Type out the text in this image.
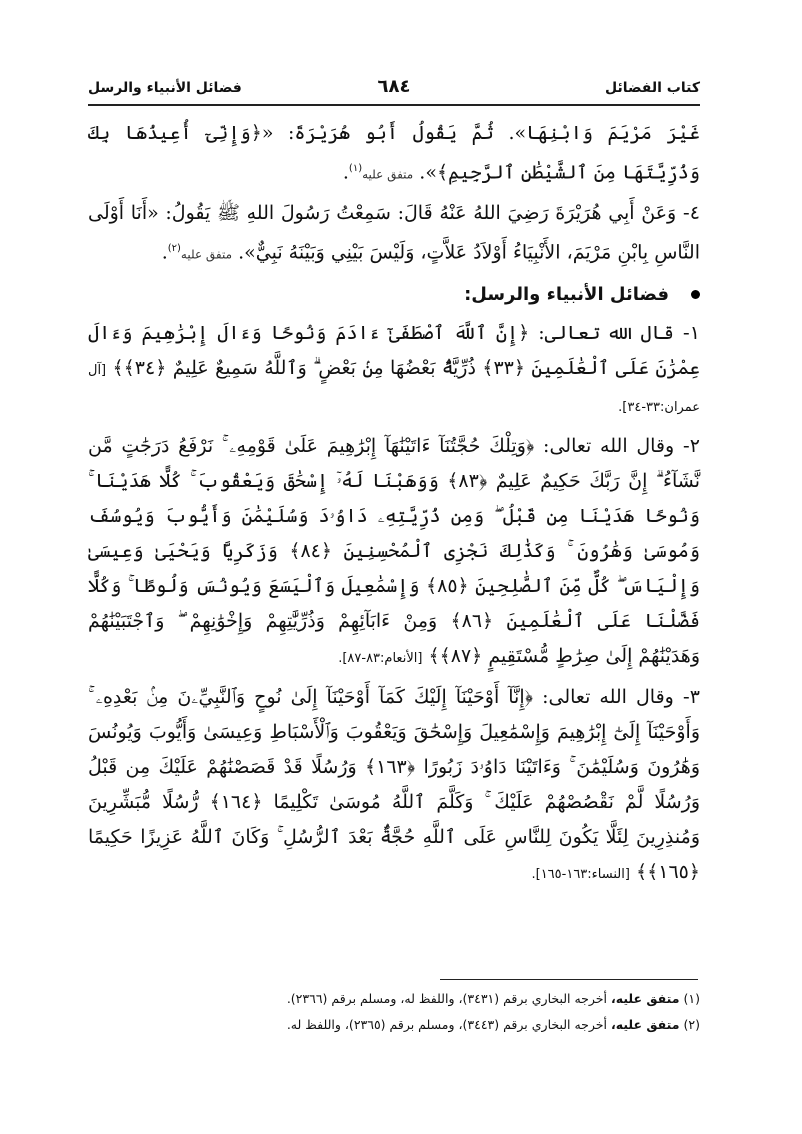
كتاب الفضائل
٦٨٤
فضائل الأنبياء والرسل

غَيْرَ مَرْيَمَ وَابْنِهَا». ثُمَّ يَقُولُ أَبُو هُرَيْرَةَ: «﴿وَإِنِّىٓ أُعِيذُهَا بِكَ وَذُرِّيَّتَهَا مِنَ ٱلشَّيْطَٰنِ ٱلرَّجِيمِ﴾». متفق عليه$^{(١)}$.

٤- وَعَنْ أَبِي هُرَيْرَةَ رَضِيَ اللهُ عَنْهُ قَالَ: سَمِعْتُ رَسُولَ اللهِ ﷺ يَقُولُ: «أَنَا أَوْلَى النَّاسِ بِابْنِ مَرْيَمَ، الأَنْبِيَاءُ أَوْلاَدُ عَلاَّتٍ، وَلَيْسَ بَيْنِي وَبَيْنَهُ نَبِيٌّ». متفق عليه$^{(٢)}$.

فضائل الأنبياء والرسل:

١- قال الله تعالى: ﴿إِنَّ ٱللَّهَ ٱصْطَفَىٰٓ ءَادَمَ وَنُوحًا وَءَالَ إِبْرَٰهِيمَ وَءَالَ عِمْرَٰنَ عَلَى ٱلْعَٰلَمِينَ ﴿٣٣﴾ ذُرِّيَّةًۢ بَعْضُهَا مِنۢ بَعْضٍ ۗ وَٱللَّهُ سَمِيعٌ عَلِيمٌ ﴿٣٤﴾﴾ [آل عمران:٣٣-٣٤].

٢- وقال الله تعالى: ﴿وَتِلْكَ حُجَّتُنَآ ءَاتَيْنَٰهَآ إِبْرَٰهِيمَ عَلَىٰ قَوْمِهِۦ ۚ نَرْفَعُ دَرَجَٰتٍ مَّن نَّشَآءُ ۗ إِنَّ رَبَّكَ حَكِيمٌ عَلِيمٌ ﴿٨٣﴾ وَوَهَبْنَا لَهُۥٓ إِسْحَٰقَ وَيَعْقُوبَ ۚ كُلًّا هَدَيْنَا ۚ وَنُوحًا هَدَيْنَا مِن قَبْلُ ۖ وَمِن ذُرِّيَّتِهِۦ دَاوُۥدَ وَسُلَيْمَٰنَ وَأَيُّوبَ وَيُوسُفَ وَمُوسَىٰ وَهَٰرُونَ ۚ وَكَذَٰلِكَ نَجْزِى ٱلْمُحْسِنِينَ ﴿٨٤﴾ وَزَكَرِيَّا وَيَحْيَىٰ وَعِيسَىٰ وَإِلْيَاسَ ۖ كُلٌّ مِّنَ ٱلصَّٰلِحِينَ ﴿٨٥﴾ وَإِسْمَٰعِيلَ وَٱلْيَسَعَ وَيُونُسَ وَلُوطًا ۚ وَكُلًّا فَضَّلْنَا عَلَى ٱلْعَٰلَمِينَ ﴿٨٦﴾ وَمِنْ ءَابَآئِهِمْ وَذُرِّيَّٰتِهِمْ وَإِخْوَٰنِهِمْ ۖ وَٱجْتَبَيْنَٰهُمْ وَهَدَيْنَٰهُمْ إِلَىٰ صِرَٰطٍ مُّسْتَقِيمٍ ﴿٨٧﴾﴾ [الأنعام:٨٣-٨٧].

٣- وقال الله تعالى: ﴿إِنَّآ أَوْحَيْنَآ إِلَيْكَ كَمَآ أَوْحَيْنَآ إِلَىٰ نُوحٍ وَٱلنَّبِيِّۦنَ مِنۢ بَعْدِهِۦ ۚ وَأَوْحَيْنَآ إِلَىٰٓ إِبْرَٰهِيمَ وَإِسْمَٰعِيلَ وَإِسْحَٰقَ وَيَعْقُوبَ وَٱلْأَسْبَاطِ وَعِيسَىٰ وَأَيُّوبَ وَيُونُسَ وَهَٰرُونَ وَسُلَيْمَٰنَ ۚ وَءَاتَيْنَا دَاوُۥدَ زَبُورًا ﴿١٦٣﴾ وَرُسُلًا قَدْ قَصَصْنَٰهُمْ عَلَيْكَ مِن قَبْلُ وَرُسُلًا لَّمْ نَقْصُصْهُمْ عَلَيْكَ ۚ وَكَلَّمَ ٱللَّهُ مُوسَىٰ تَكْلِيمًا ﴿١٦٤﴾ رُّسُلًا مُّبَشِّرِينَ وَمُنذِرِينَ لِئَلَّا يَكُونَ لِلنَّاسِ عَلَى ٱللَّهِ حُجَّةٌۢ بَعْدَ ٱلرُّسُلِ ۚ وَكَانَ ٱللَّهُ عَزِيزًا حَكِيمًا ﴿١٦٥﴾﴾ [النساء:١٦٣-١٦٥].

(١) متفق عليه، أخرجه البخاري برقم (٣٤٣١)، واللفظ له، ومسلم برقم (٢٣٦٦).
(٢) متفق عليه، أخرجه البخاري برقم (٣٤٤٣)، ومسلم برقم (٢٣٦٥)، واللفظ له.
